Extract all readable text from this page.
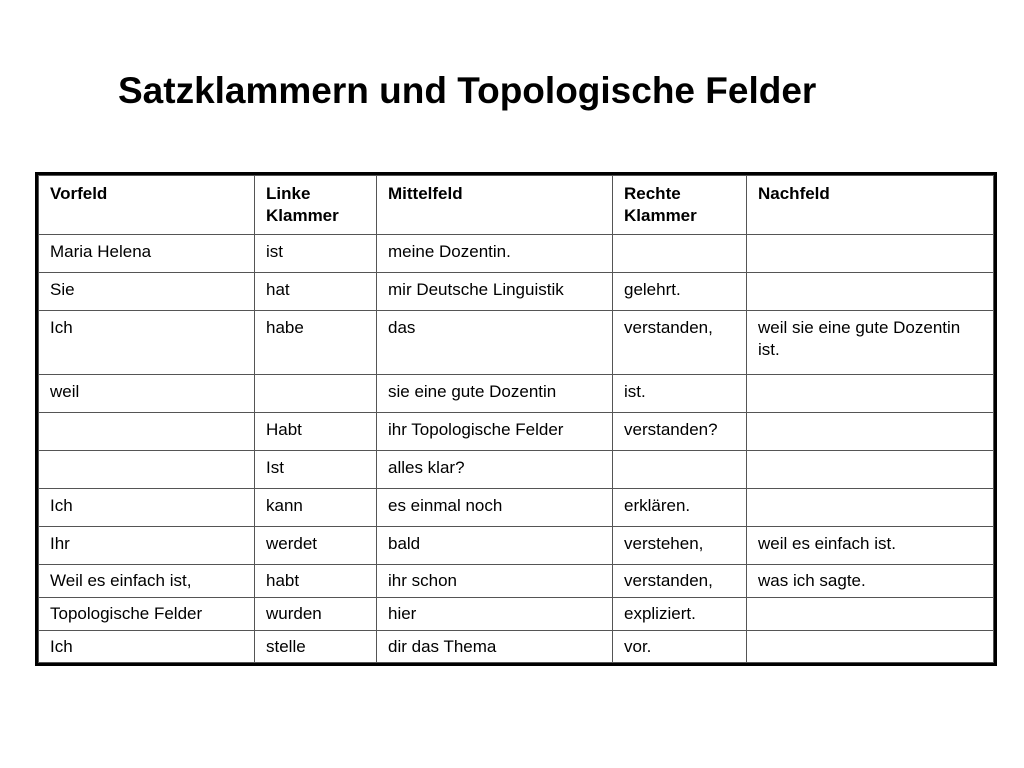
Satzklammern und Topologische Felder
Vorfeld	Linke Klammer	Mittelfeld	Rechte Klammer	Nachfeld
Maria Helena	ist	meine Dozentin.		
Sie	hat	mir Deutsche Linguistik	gelehrt.	
Ich	habe	das	verstanden,	weil sie eine gute Dozentin ist.
weil		sie eine gute Dozentin	ist.	
	Habt	ihr Topologische Felder	verstanden?	
	Ist	alles klar?		
Ich	kann	es einmal noch	erklären.	
Ihr	werdet	bald	verstehen,	weil es einfach ist.
Weil es einfach ist,	habt	ihr schon	verstanden,	was ich sagte.
Topologische Felder	wurden	hier	expliziert.	
Ich	stelle	dir das Thema	vor.	
